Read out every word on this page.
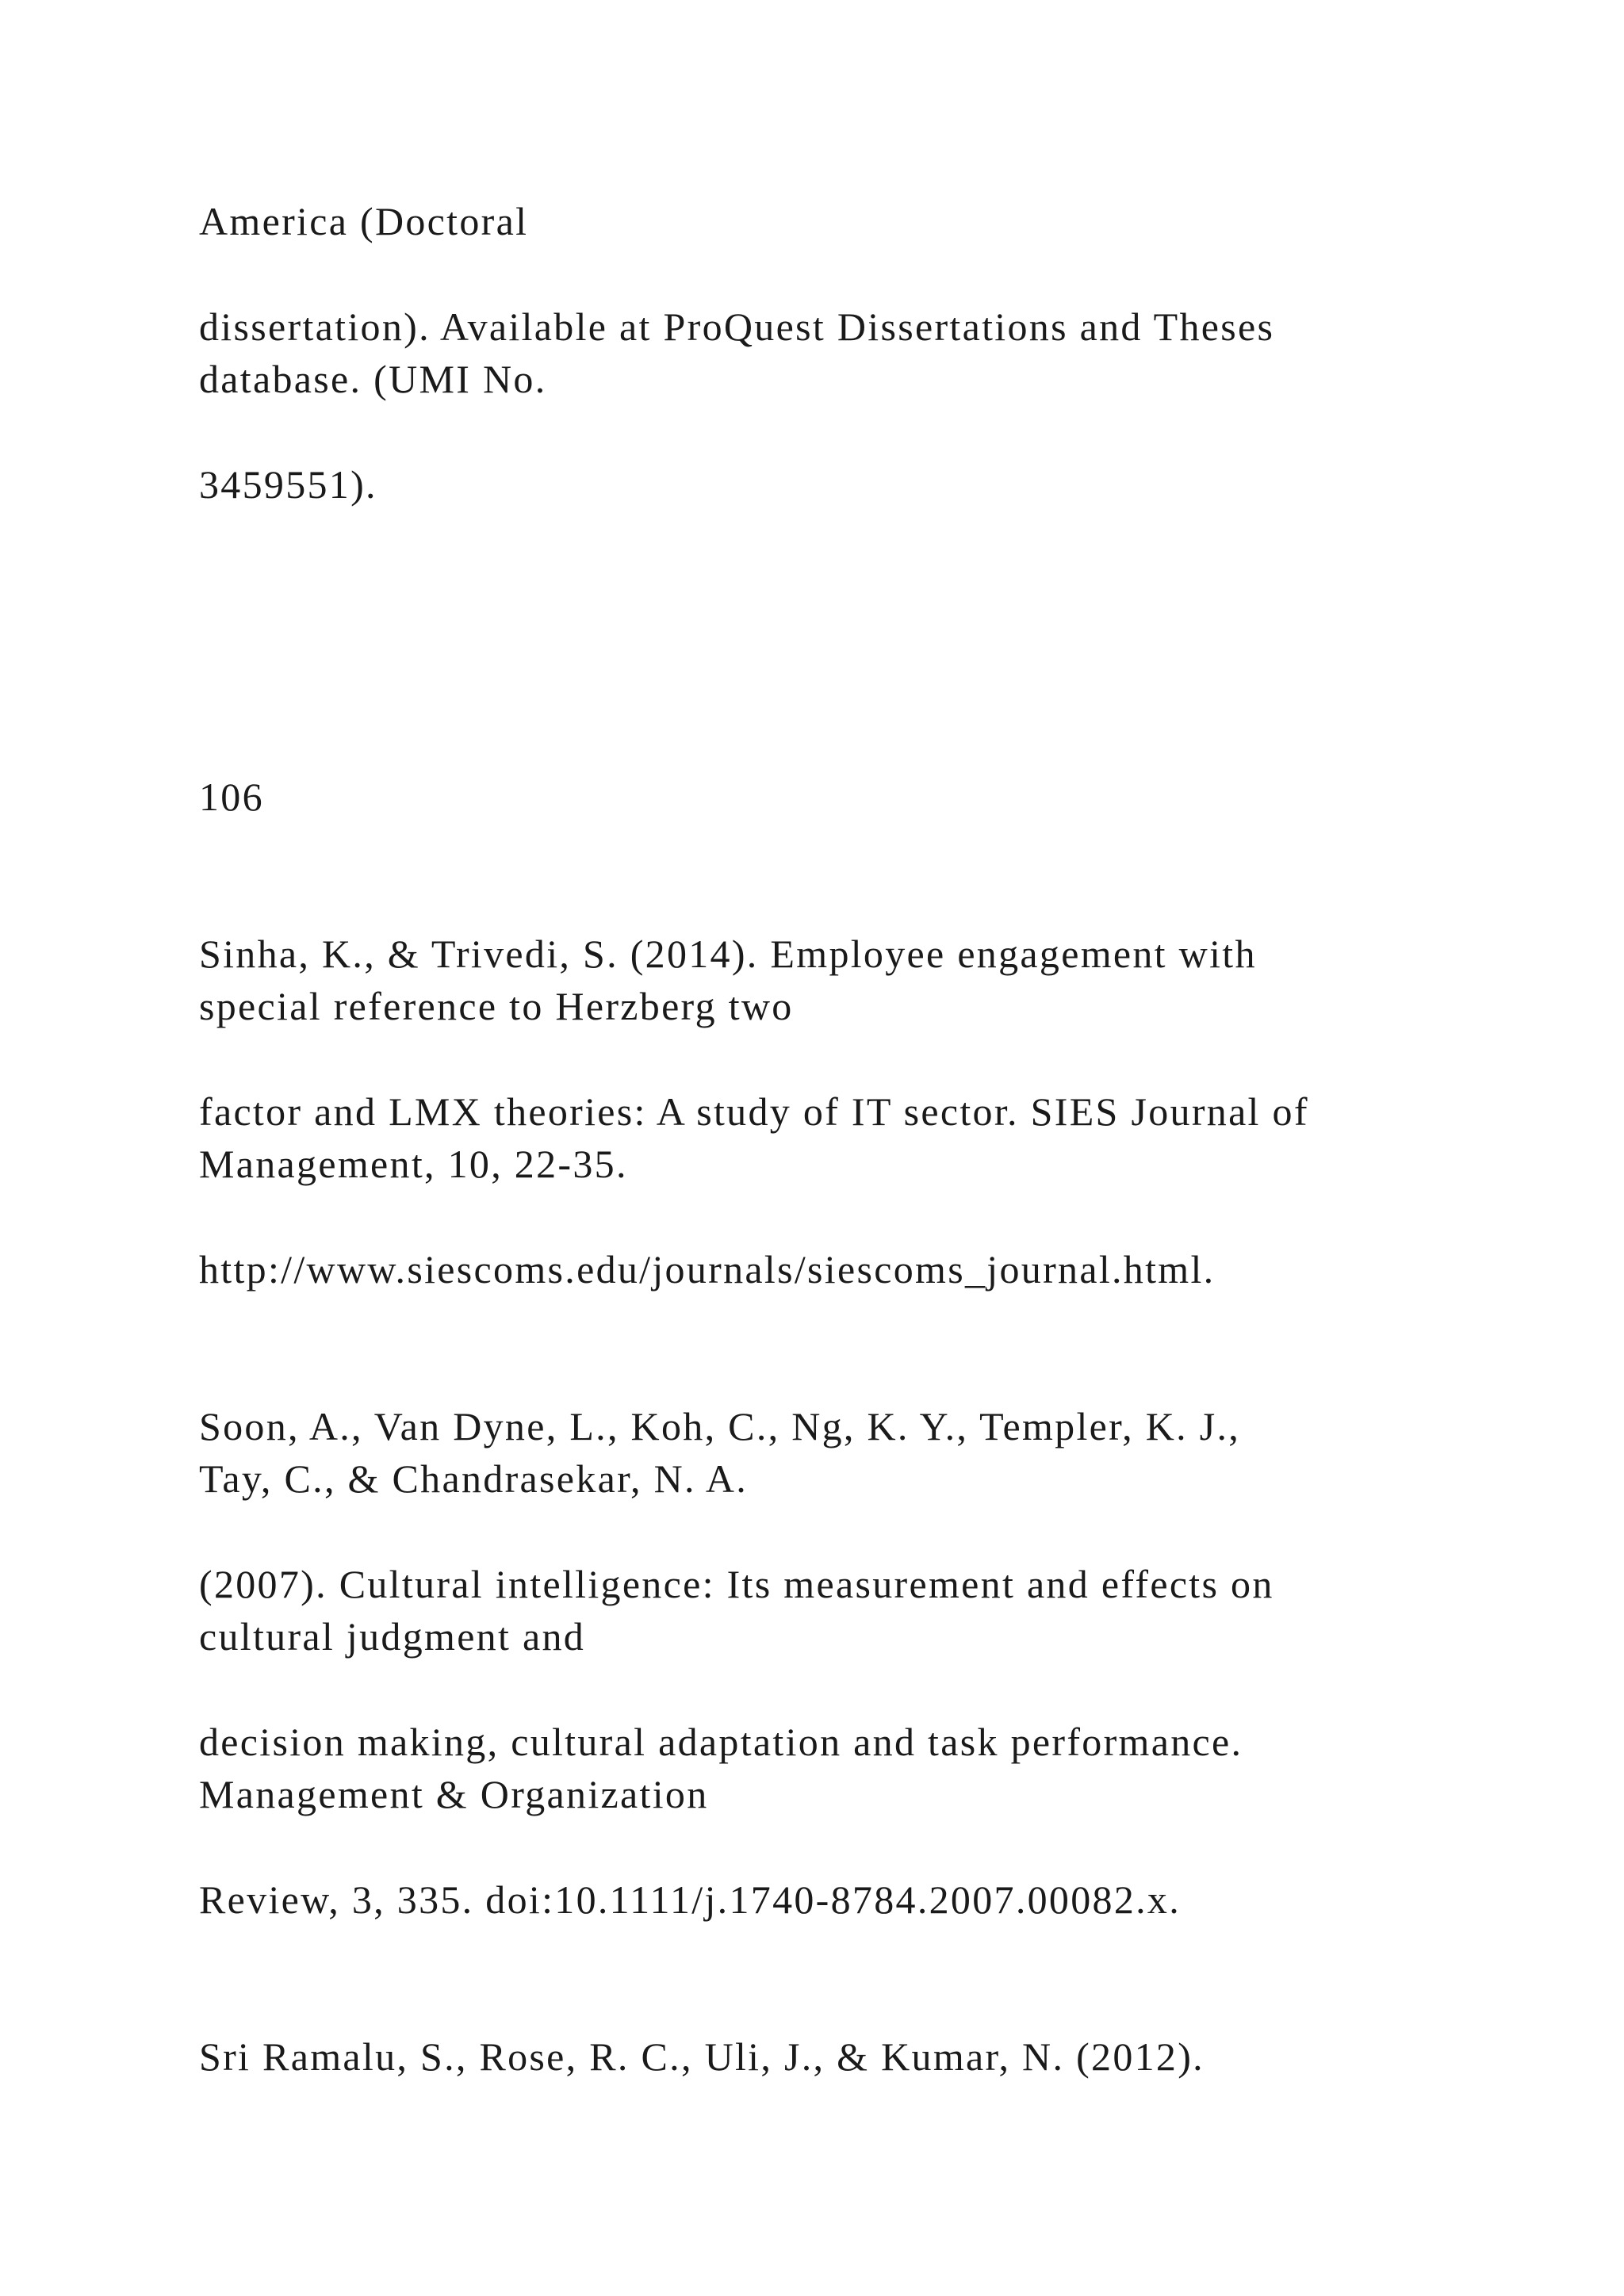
America (Doctoral

dissertation). Available at ProQuest Dissertations and Theses

database. (UMI No.

3459551).

106

Sinha, K., & Trivedi, S. (2014). Employee engagement with

special reference to Herzberg two

factor and LMX theories: A study of IT sector. SIES Journal of

Management, 10, 22-35.

http://www.siescoms.edu/journals/siescoms_journal.html.

Soon, A., Van Dyne, L., Koh, C., Ng, K. Y., Templer, K. J.,

Tay, C., & Chandrasekar, N. A.

(2007). Cultural intelligence: Its measurement and effects on

cultural judgment and

decision making, cultural adaptation and task performance.

Management & Organization

Review, 3, 335. doi:10.1111/j.1740-8784.2007.00082.x.

Sri Ramalu, S., Rose, R. C., Uli, J., & Kumar, N. (2012).
